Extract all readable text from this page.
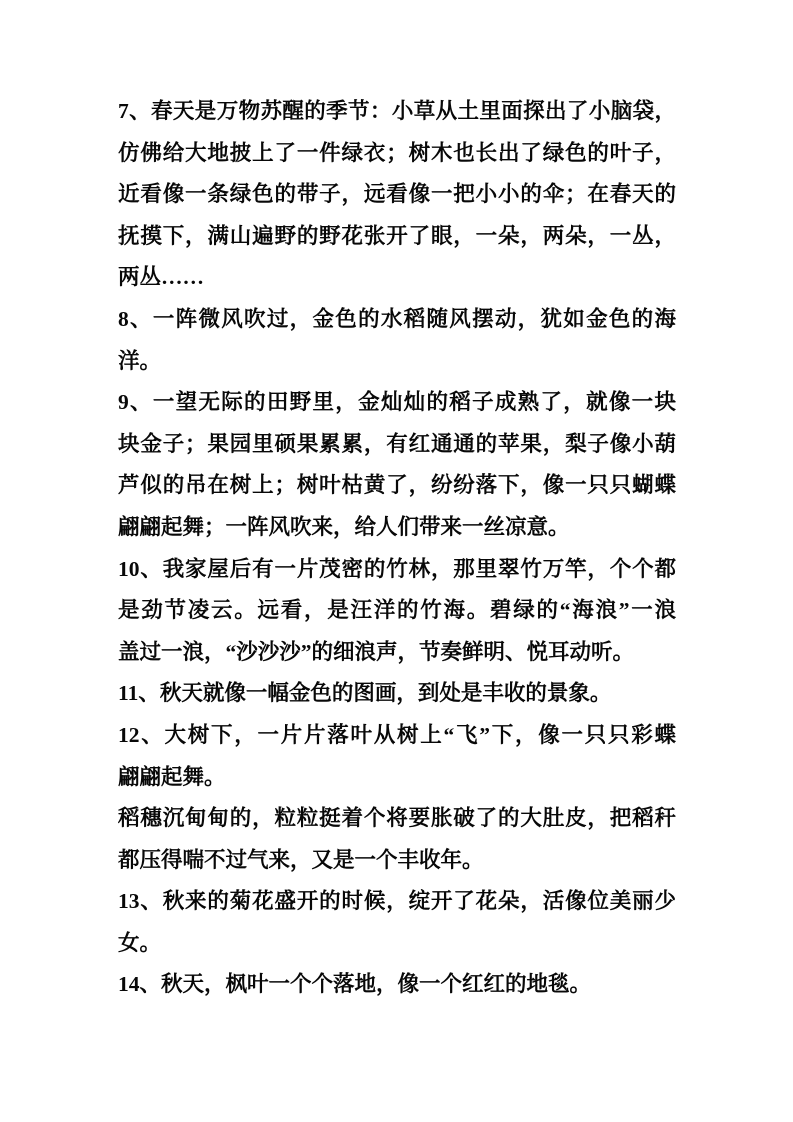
7、春天是万物苏醒的季节：小草从土里面探出了小脑袋，
仿佛给大地披上了一件绿衣；树木也长出了绿色的叶子，
近看像一条绿色的带子，远看像一把小小的伞；在春天的
抚摸下，满山遍野的野花张开了眼，一朵，两朵，一丛，
两丛……

8、一阵微风吹过，金色的水稻随风摆动，犹如金色的海
洋。

9、一望无际的田野里，金灿灿的稻子成熟了，就像一块
块金子；果园里硕果累累，有红通通的苹果，梨子像小葫
芦似的吊在树上；树叶枯黄了，纷纷落下，像一只只蝴蝶
翩翩起舞；一阵风吹来，给人们带来一丝凉意。

10、我家屋后有一片茂密的竹林，那里翠竹万竿，个个都
是劲节凌云。远看，是汪洋的竹海。碧绿的“海浪”一浪
盖过一浪，“沙沙沙”的细浪声，节奏鲜明、悦耳动听。

11、秋天就像一幅金色的图画，到处是丰收的景象。

12、大树下，一片片落叶从树上“飞”下，像一只只彩蝶
翩翩起舞。

稻穗沉甸甸的，粒粒挺着个将要胀破了的大肚皮，把稻秆
都压得喘不过气来，又是一个丰收年。

13、秋来的菊花盛开的时候，绽开了花朵，活像位美丽少
女。

14、秋天，枫叶一个个落地，像一个红红的地毯。
